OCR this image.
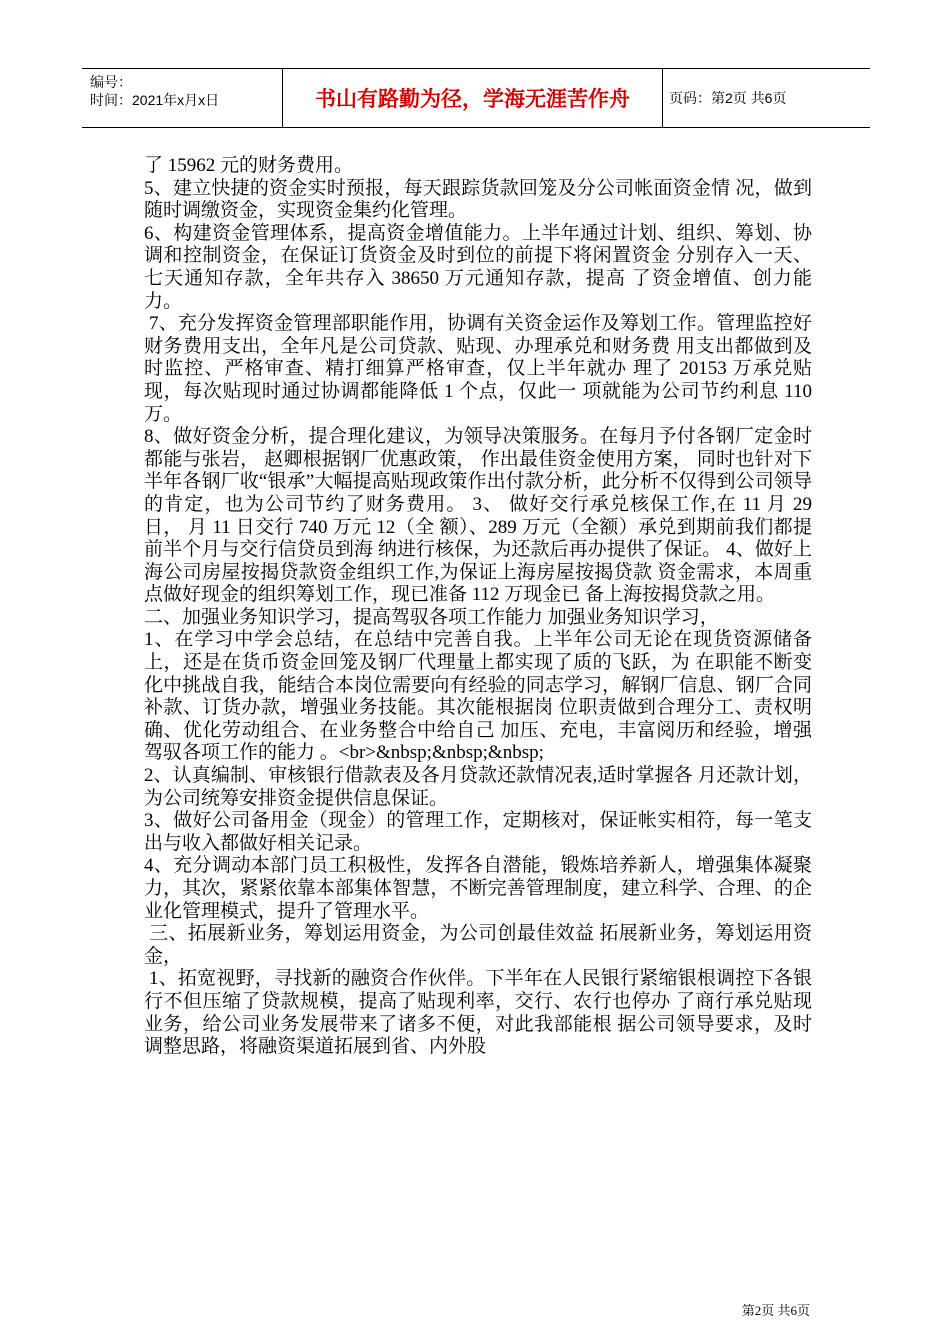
编号：
时间：2021年x月x日	书山有路勤为径，学海无涯苦作舟	页码：第2页 共6页

了 15962 元的财务费用。

5、建立快捷的资金实时预报，每天跟踪货款回笼及分公司帐面资金情 况，做到随时调缴资金，实现资金集约化管理。

6、构建资金管理体系，提高资金增值能力。上半年通过计划、组织、筹划、协调和控制资金，在保证订货资金及时到位的前提下将闲置资金 分别存入一天、七天通知存款，全年共存入 38650 万元通知存款，提高 了资金增值、创力能力。

7、充分发挥资金管理部职能作用，协调有关资金运作及筹划工作。管理监控好财务费用支出，全年凡是公司贷款、贴现、办理承兑和财务费 用支出都做到及时监控、严格审查、精打细算严格审查，仅上半年就办 理了 20153 万承兑贴现，每次贴现时通过协调都能降低 1 个点，仅此一 项就能为公司节约利息 110 万。

8、做好资金分析，提合理化建议，为领导决策服务。在每月予付各钢厂定金时都能与张岩， 赵卿根据钢厂优惠政策， 作出最佳资金使用方案， 同时也针对下半年各钢厂收“银承”大幅提高贴现政策作出付款分析，此分析不仅得到公司领导的肯定，也为公司节约了财务费用。 3、 做好交行承兑核保工作,在 11 月 29 日， 月 11 日交行 740 万元 12（全 额）、289 万元（全额）承兑到期前我们都提前半个月与交行信贷员到海 纳进行核保，为还款后再办提供了保证。 4、做好上海公司房屋按揭贷款资金组织工作,为保证上海房屋按揭贷款 资金需求，本周重点做好现金的组织筹划工作，现已准备 112 万现金已 备上海按揭贷款之用。

二、加强业务知识学习，提高驾驭各项工作能力 加强业务知识学习，

1、在学习中学会总结，在总结中完善自我。上半年公司无论在现货资源储备上，还是在货币资金回笼及钢厂代理量上都实现了质的飞跃，为 在职能不断变化中挑战自我，能结合本岗位需要向有经验的同志学习，解钢厂信息、钢厂合同补款、订货办款，增强业务技能。其次能根据岗 位职责做到合理分工、责权明确、优化劳动组合、在业务整合中给自己 加压、充电，丰富阅历和经验，增强驾驭各项工作的能力 。<br>&nbsp;&nbsp;&nbsp;

2、认真编制、审核银行借款表及各月贷款还款情况表,适时掌握各 月还款计划，为公司统筹安排资金提供信息保证。

3、做好公司备用金（现金）的管理工作，定期核对，保证帐实相符，每一笔支出与收入都做好相关记录。

4、充分调动本部门员工积极性，发挥各自潜能，锻炼培养新人，增强集体凝聚力，其次，紧紧依靠本部集体智慧，不断完善管理制度，建立科学、合理、的企业化管理模式，提升了管理水平。

三、拓展新业务，筹划运用资金，为公司创最佳效益 拓展新业务，筹划运用资金，

1、拓宽视野，寻找新的融资合作伙伴。下半年在人民银行紧缩银根调控下各银行不但压缩了贷款规模，提高了贴现利率，交行、农行也停办 了商行承兑贴现业务，给公司业务发展带来了诸多不便，对此我部能根 据公司领导要求，及时调整思路，将融资渠道拓展到省、内外股

第2页 共6页
